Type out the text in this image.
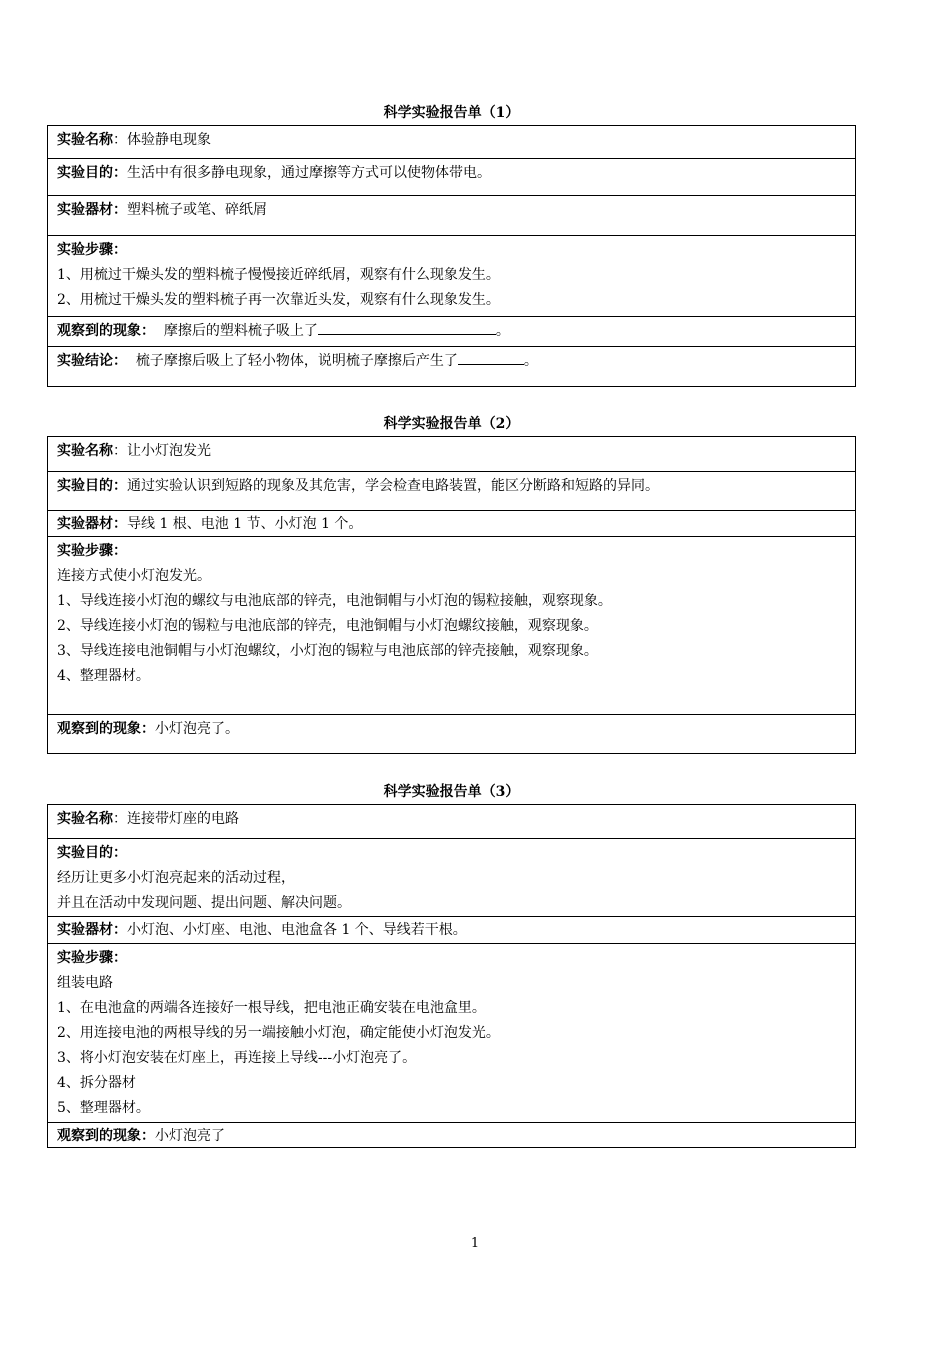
科学实验报告单（1）
实验名称：体验静电现象
实验目的：生活中有很多静电现象，通过摩擦等方式可以使物体带电。
实验器材：塑料梳子或笔、碎纸屑

实验步骤：
1、用梳过干燥头发的塑料梳子慢慢接近碎纸屑，观察有什么现象发生。
2、用梳过干燥头发的塑料梳子再一次靠近头发，观察有什么现象发生。

观察到的现象： 摩擦后的塑料梳子吸上了	。
实验结论： 梳子摩擦后吸上了轻小物体，说明梳子摩擦后产生了	。
科学实验报告单（2）
实验名称：让小灯泡发光
实验目的：通过实验认识到短路的现象及其危害，学会检查电路装置，能区分断路和短路的异同。
实验器材：导线 1 根、电池 1 节、小灯泡 1 个。

实验步骤：
连接方式使小灯泡发光。
1、导线连接小灯泡的螺纹与电池底部的锌壳，电池铜帽与小灯泡的锡粒接触，观察现象。
2、导线连接小灯泡的锡粒与电池底部的锌壳，电池铜帽与小灯泡螺纹接触，观察现象。
3、导线连接电池铜帽与小灯泡螺纹，小灯泡的锡粒与电池底部的锌壳接触，观察现象。
4、整理器材。

观察到的现象：小灯泡亮了。
科学实验报告单（3）
实验名称：连接带灯座的电路

实验目的：
经历让更多小灯泡亮起来的活动过程，
并且在活动中发现问题、提出问题、解决问题。

实验器材：小灯泡、小灯座、电池、电池盒各 1 个、导线若干根。

实验步骤：
组装电路
1、在电池盒的两端各连接好一根导线，把电池正确安装在电池盒里。
2、用连接电池的两根导线的另一端接触小灯泡，确定能使小灯泡发光。
3、将小灯泡安装在灯座上，再连接上导线---小灯泡亮了。
4、拆分器材
5、整理器材。

观察到的现象：小灯泡亮了
1
